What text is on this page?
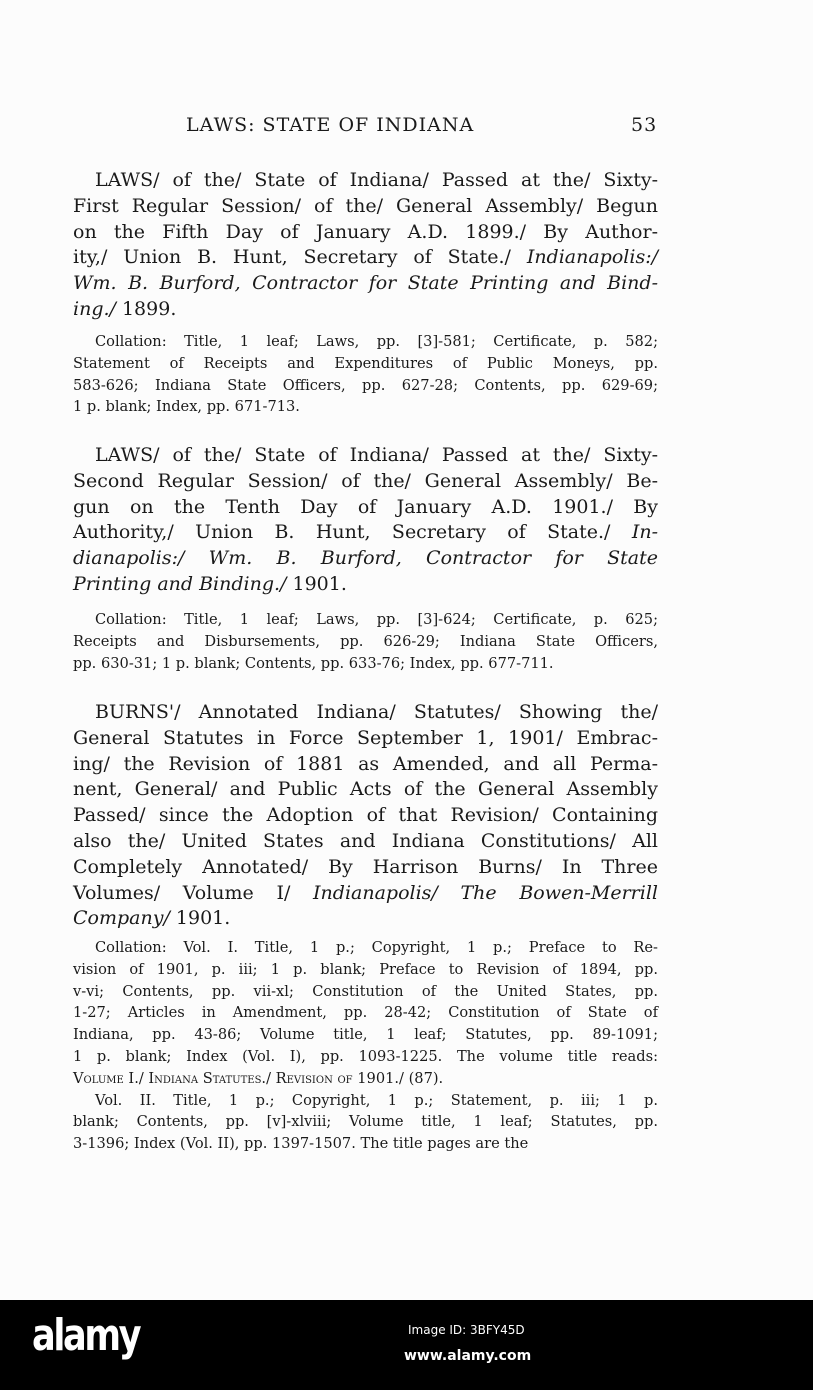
LAWS: STATE OF INDIANA	53
LAWS/ of the/ State of Indiana/ Passed at the/ Sixty-
First Regular Session/ of the/ General Assembly/ Begun
on the Fifth Day of January A.D. 1899./ By Author-
ity,/ Union B. Hunt, Secretary of State./ Indianapolis:/
Wm. B. Burford, Contractor for State Printing and Bind-
ing./ 1899.
Collation: Title, 1 leaf; Laws, pp. [3]-581; Certificate, p. 582;
Statement of Receipts and Expenditures of Public Moneys, pp.
583-626; Indiana State Officers, pp. 627-28; Contents, pp. 629-69;
1 p. blank; Index, pp. 671-713.
LAWS/ of the/ State of Indiana/ Passed at the/ Sixty-
Second Regular Session/ of the/ General Assembly/ Be-
gun on the Tenth Day of January A.D. 1901./ By
Authority,/ Union B. Hunt, Secretary of State./ In-
dianapolis:/ Wm. B. Burford, Contractor for State
Printing and Binding./ 1901.
Collation: Title, 1 leaf; Laws, pp. [3]-624; Certificate, p. 625;
Receipts and Disbursements, pp. 626-29; Indiana State Officers,
pp. 630-31; 1 p. blank; Contents, pp. 633-76; Index, pp. 677-711.
BURNS'/ Annotated Indiana/ Statutes/ Showing the/
General Statutes in Force September 1, 1901/ Embrac-
ing/ the Revision of 1881 as Amended, and all Perma-
nent, General/ and Public Acts of the General Assembly
Passed/ since the Adoption of that Revision/ Containing
also the/ United States and Indiana Constitutions/ All
Completely Annotated/ By Harrison Burns/ In Three
Volumes/ Volume I/ Indianapolis/ The Bowen-Merrill
Company/ 1901.
Collation: Vol. I. Title, 1 p.; Copyright, 1 p.; Preface to Re-
vision of 1901, p. iii; 1 p. blank; Preface to Revision of 1894, pp.
v-vi; Contents, pp. vii-xl; Constitution of the United States, pp.
1-27; Articles in Amendment, pp. 28-42; Constitution of State of
Indiana, pp. 43-86; Volume title, 1 leaf; Statutes, pp. 89-1091;
1 p. blank; Index (Vol. I), pp. 1093-1225. The volume title reads:
Volume I./ Indiana Statutes./ Revision of 1901./ (87).
Vol. II. Title, 1 p.; Copyright, 1 p.; Statement, p. iii; 1 p.
blank; Contents, pp. [v]-xlviii; Volume title, 1 leaf; Statutes, pp.
3-1396; Index (Vol. II), pp. 1397-1507. The title pages are the
alamy	Image ID: 3BFY45D
www.alamy.com
